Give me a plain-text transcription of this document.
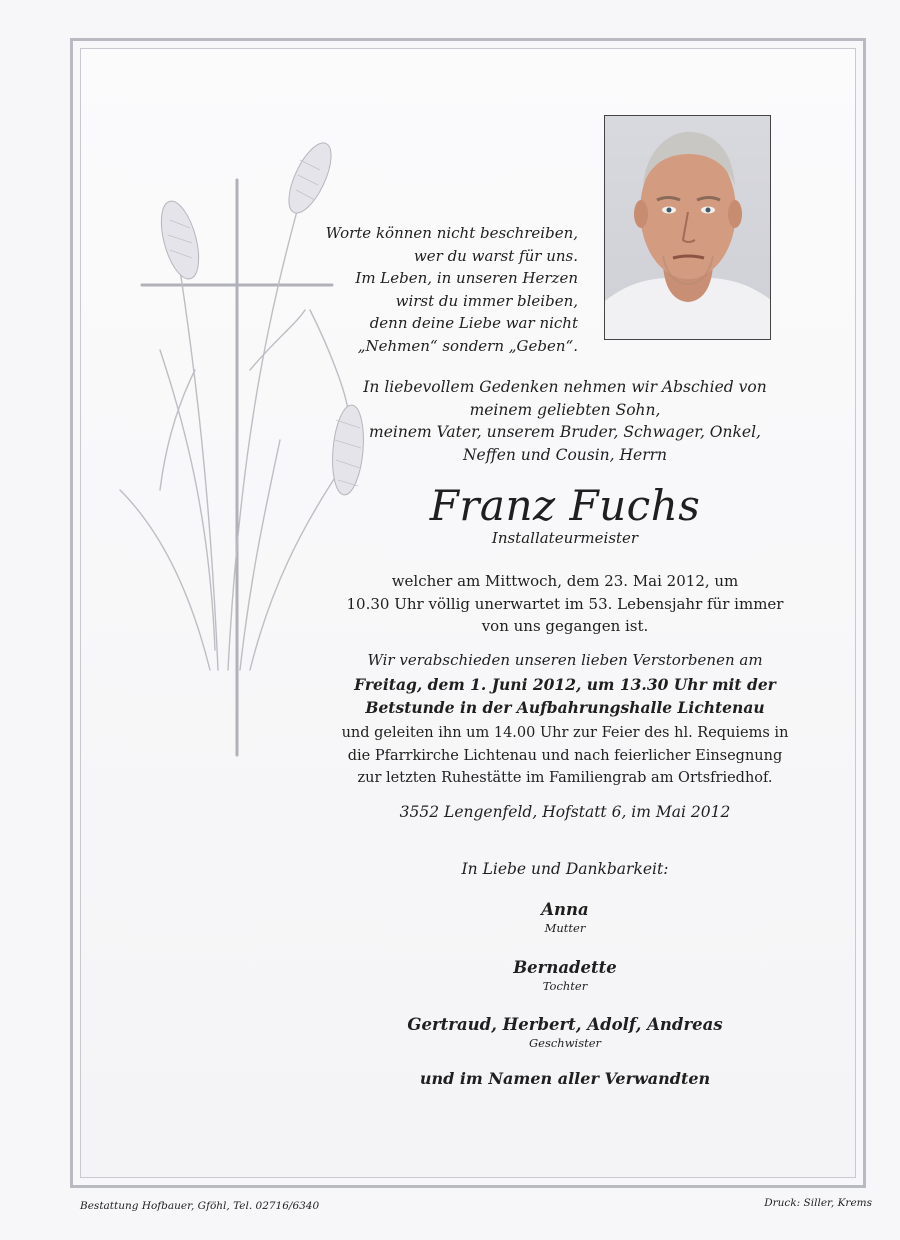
Worte können nicht beschreiben,
wer du warst für uns.
Im Leben, in unseren Herzen
wirst du immer bleiben,
denn deine Liebe war nicht
„Nehmen“ sondern „Geben“.
In liebevollem Gedenken nehmen wir Abschied von
meinem geliebten Sohn,
meinem Vater, unserem Bruder, Schwager, Onkel,
Neffen und Cousin, Herrn
Franz Fuchs
Installateurmeister
welcher am Mittwoch, dem 23. Mai 2012, um
10.30 Uhr völlig unerwartet im 53. Lebensjahr für immer
von uns gegangen ist.
Wir verabschieden unseren lieben Verstorbenen am
Freitag, dem 1. Juni 2012, um 13.30 Uhr mit der
Betstunde in der Aufbahrungshalle Lichtenau
und geleiten ihn um 14.00 Uhr zur Feier des hl. Requiems in
die Pfarrkirche Lichtenau und nach feierlicher Einsegnung
zur letzten Ruhestätte im Familiengrab am Ortsfriedhof.
3552 Lengenfeld, Hofstatt 6, im Mai 2012
In Liebe und Dankbarkeit:
Anna
Mutter
Bernadette
Tochter
Gertraud, Herbert, Adolf, Andreas
Geschwister
und im Namen aller Verwandten
Bestattung Hofbauer, Gföhl, Tel. 02716/6340	Druck: Siller, Krems
